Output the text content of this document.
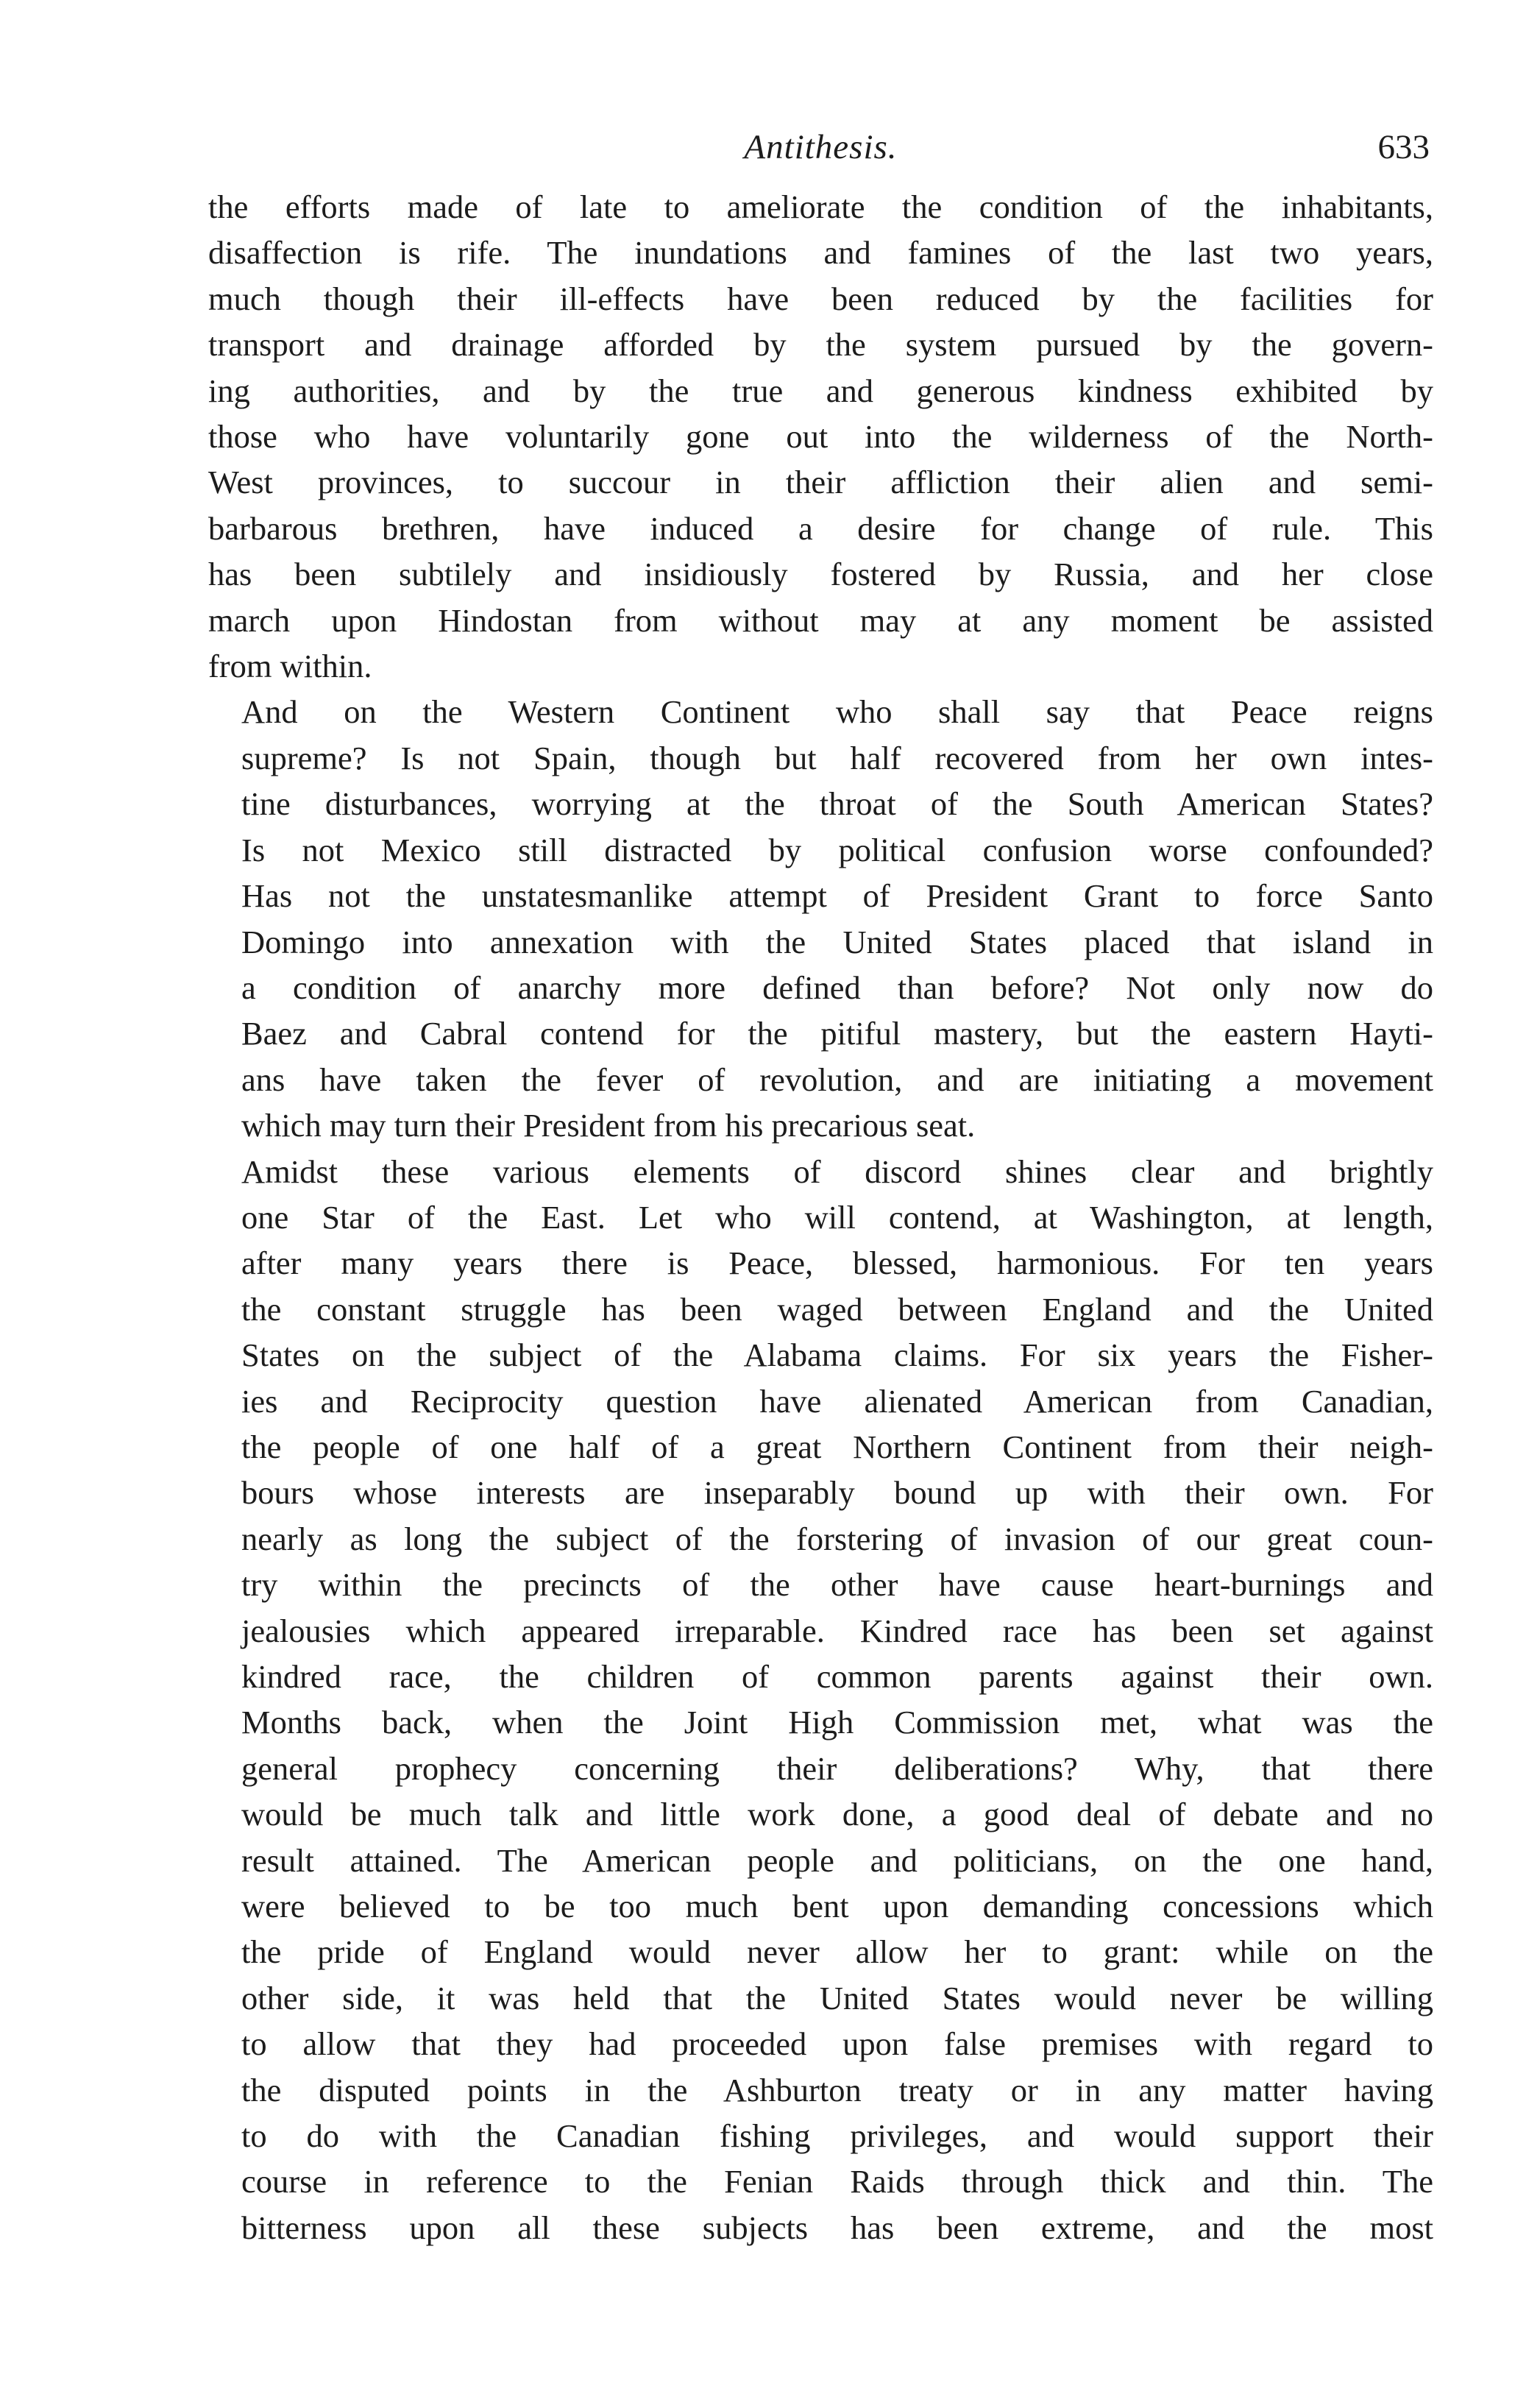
Antithesis.	633

the efforts made of late to ameliorate the condition of the inhabitants,
disaffection is rife. The inundations and famines of the last two years,
much though their ill-effects have been reduced by the facilities for
transport and drainage afforded by the system pursued by the govern-
ing authorities, and by the true and generous kindness exhibited by
those who have voluntarily gone out into the wilderness of the North-
West provinces, to succour in their affliction their alien and semi-
barbarous brethren, have induced a desire for change of rule. This
has been subtilely and insidiously fostered by Russia, and her close
march upon Hindostan from without may at any moment be assisted
from within.

And on the Western Continent who shall say that Peace reigns
supreme? Is not Spain, though but half recovered from her own intes-
tine disturbances, worrying at the throat of the South American States?
Is not Mexico still distracted by political confusion worse confounded?
Has not the unstatesmanlike attempt of President Grant to force Santo
Domingo into annexation with the United States placed that island in
a condition of anarchy more defined than before? Not only now do
Baez and Cabral contend for the pitiful mastery, but the eastern Hayti-
ans have taken the fever of revolution, and are initiating a movement
which may turn their President from his precarious seat.

Amidst these various elements of discord shines clear and brightly
one Star of the East. Let who will contend, at Washington, at length,
after many years there is Peace, blessed, harmonious. For ten years
the constant struggle has been waged between England and the United
States on the subject of the Alabama claims. For six years the Fisher-
ies and Reciprocity question have alienated American from Canadian,
the people of one half of a great Northern Continent from their neigh-
bours whose interests are inseparably bound up with their own. For
nearly as long the subject of the forstering of invasion of our great coun-
try within the precincts of the other have cause heart-burnings and
jealousies which appeared irreparable. Kindred race has been set against
kindred race, the children of common parents against their own.
Months back, when the Joint High Commission met, what was the
general prophecy concerning their deliberations? Why, that there
would be much talk and little work done, a good deal of debate and no
result attained. The American people and politicians, on the one hand,
were believed to be too much bent upon demanding concessions which
the pride of England would never allow her to grant: while on the
other side, it was held that the United States would never be willing
to allow that they had proceeded upon false premises with regard to
the disputed points in the Ashburton treaty or in any matter having
to do with the Canadian fishing privileges, and would support their
course in reference to the Fenian Raids through thick and thin. The
bitterness upon all these subjects has been extreme, and the most
